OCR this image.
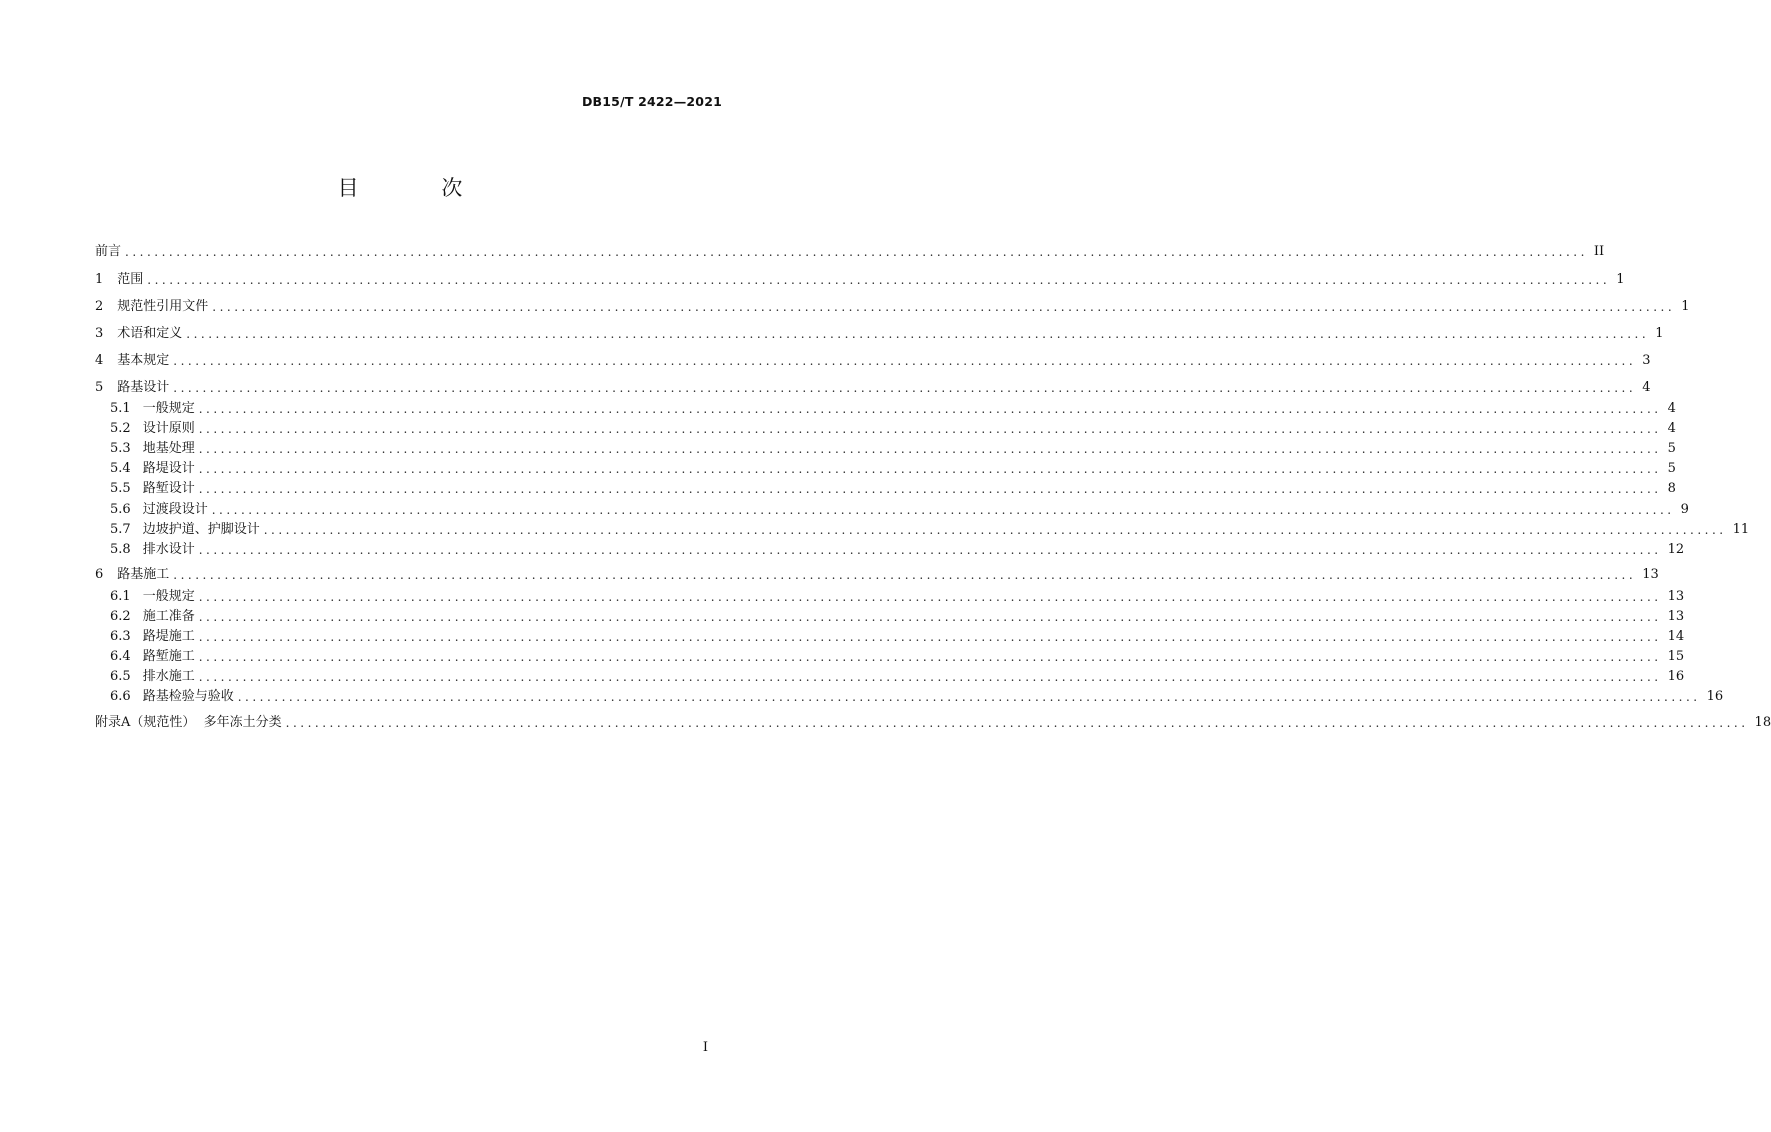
DB15/T 2422—2021
目 次
前言 ........................................................................................................................................................................................................ II
1 范围 ........................................................................................................................................................................................................ 1
2 规范性引用文件 ........................................................................................................................................................................................................ 1
3 术语和定义 ........................................................................................................................................................................................................ 1
4 基本规定 ........................................................................................................................................................................................................ 3
5 路基设计 ........................................................................................................................................................................................................ 4
5.1 一般规定 ........................................................................................................................................................................................................ 4
5.2 设计原则 ........................................................................................................................................................................................................ 4
5.3 地基处理 ........................................................................................................................................................................................................ 5
5.4 路堤设计 ........................................................................................................................................................................................................ 5
5.5 路堑设计 ........................................................................................................................................................................................................ 8
5.6 过渡段设计 ........................................................................................................................................................................................................ 9
5.7 边坡护道、护脚设计 ........................................................................................................................................................................................................ 11
5.8 排水设计 ........................................................................................................................................................................................................ 12
6 路基施工 ........................................................................................................................................................................................................ 13
6.1 一般规定 ........................................................................................................................................................................................................ 13
6.2 施工准备 ........................................................................................................................................................................................................ 13
6.3 路堤施工 ........................................................................................................................................................................................................ 14
6.4 路堑施工 ........................................................................................................................................................................................................ 15
6.5 排水施工 ........................................................................................................................................................................................................ 16
6.6 路基检验与验收 ........................................................................................................................................................................................................ 16
附录A（规范性）  多年冻土分类 ........................................................................................................................................................................................................ 18
I
